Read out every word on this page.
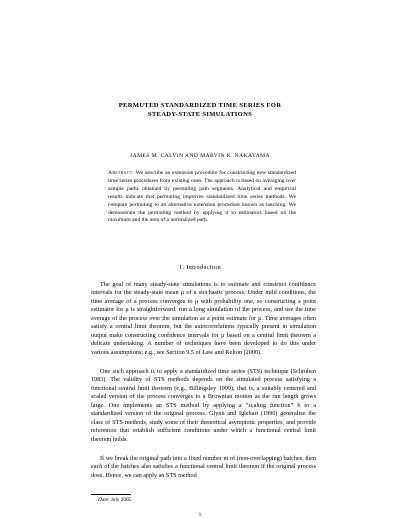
PERMUTED STANDARDIZED TIME SERIES FOR
STEADY-STATE SIMULATIONS
JAMES M. CALVIN AND MARVIN K. NAKAYAMA
Abstract. We describe an extension procedure for constructing new standardized time series procedures from existing ones. The approach is based on averaging over sample paths obtained by permuting path segments. Analytical and empirical results indicate that permuting improves standardized time series methods. We compare permuting to an alternative extension procedure known as batching. We demonstrate the permuting method by applying it to estimators based on the maximum and the area of a normalized path.
1. Introduction

The goal of many steady-state simulations is to estimate and construct confidence intervals for the steady-state mean μ of a stochastic process. Under mild conditions, the time average of a process converges to μ with probability one, so constructing a point estimator for μ is straightforward: run a long simulation of the process, and use the time average of the process over the simulation as a point estimate for μ. Time averages often satisfy a central limit theorem, but the autocorrelations typically present in simulation output make constructing confidence intervals for μ based on a central limit theorem a delicate undertaking. A number of techniques have been developed to do this under various assumptions; e.g., see Section 9.5 of Law and Kelton (2000).

One such approach is to apply a standardized time series (STS) technique (Schruben 1983). The validity of STS methods depends on the simulated process satisfying a functional central limit theorem (e.g., Billingsley 1999); that is, a suitably centered and scaled version of the process converges to a Brownian motion as the run length grows large. One implements an STS method by applying a “scaling function” b to a standardized version of the original process. Glynn and Iglehart (1990) generalize the class of STS methods, study some of their theoretical asymptotic properties, and provide references that establish sufficient conditions under which a functional central limit theorem holds.

If we break the original path into a fixed number m of (non-overlapping) batches, then each of the batches also satisfies a functional central limit theorem if the original process does. Hence, we can apply an STS method

Date: July 2005.
1
